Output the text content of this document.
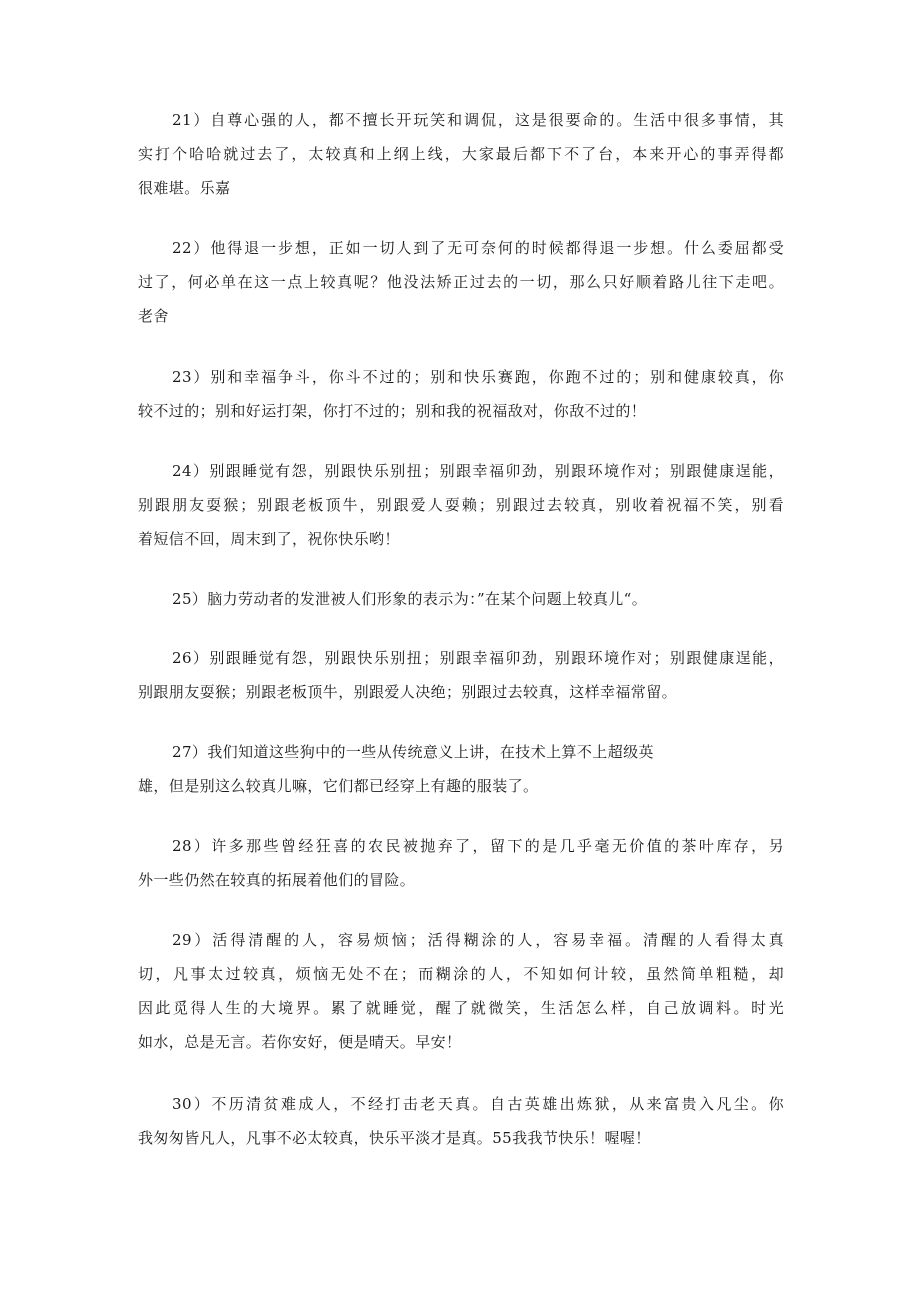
21）自尊心强的人，都不擅长开玩笑和调侃，这是很要命的。生活中很多事情，其
实打个哈哈就过去了，太较真和上纲上线，大家最后都下不了台，本来开心的事弄得都
很难堪。乐嘉
22）他得退一步想，正如一切人到了无可奈何的时候都得退一步想。什么委屈都受
过了，何必单在这一点上较真呢？他没法矫正过去的一切，那么只好顺着路儿往下走吧。
老舍
23）别和幸福争斗，你斗不过的；别和快乐赛跑，你跑不过的；别和健康较真，你
较不过的；别和好运打架，你打不过的；别和我的祝福敌对，你敌不过的！
24）别跟睡觉有怨，别跟快乐别扭；别跟幸福卯劲，别跟环境作对；别跟健康逞能，
别跟朋友耍猴；别跟老板顶牛，别跟爱人耍赖；别跟过去较真，别收着祝福不笑，别看
着短信不回，周末到了，祝你快乐哟！
25）脑力劳动者的发泄被人们形象的表示为：”在某个问题上较真儿“。
26）别跟睡觉有怨，别跟快乐别扭；别跟幸福卯劲，别跟环境作对；别跟健康逞能，
别跟朋友耍猴；别跟老板顶牛，别跟爱人决绝；别跟过去较真，这样幸福常留。
27）我们知道这些狗中的一些从传统意义上讲，在技术上算不上超级英
雄，但是别这么较真儿嘛，它们都已经穿上有趣的服装了。
28）许多那些曾经狂喜的农民被抛弃了，留下的是几乎毫无价值的茶叶库存，另
外一些仍然在较真的拓展着他们的冒险。
29）活得清醒的人，容易烦恼；活得糊涂的人，容易幸福。清醒的人看得太真
切，凡事太过较真，烦恼无处不在；而糊涂的人，不知如何计较，虽然简单粗糙，却
因此觅得人生的大境界。累了就睡觉，醒了就微笑，生活怎么样，自己放调料。时光
如水，总是无言。若你安好，便是晴天。早安！
30）不历清贫难成人，不经打击老天真。自古英雄出炼狱，从来富贵入凡尘。你
我匆匆皆凡人，凡事不必太较真，快乐平淡才是真。55我我节快乐！喔喔！
